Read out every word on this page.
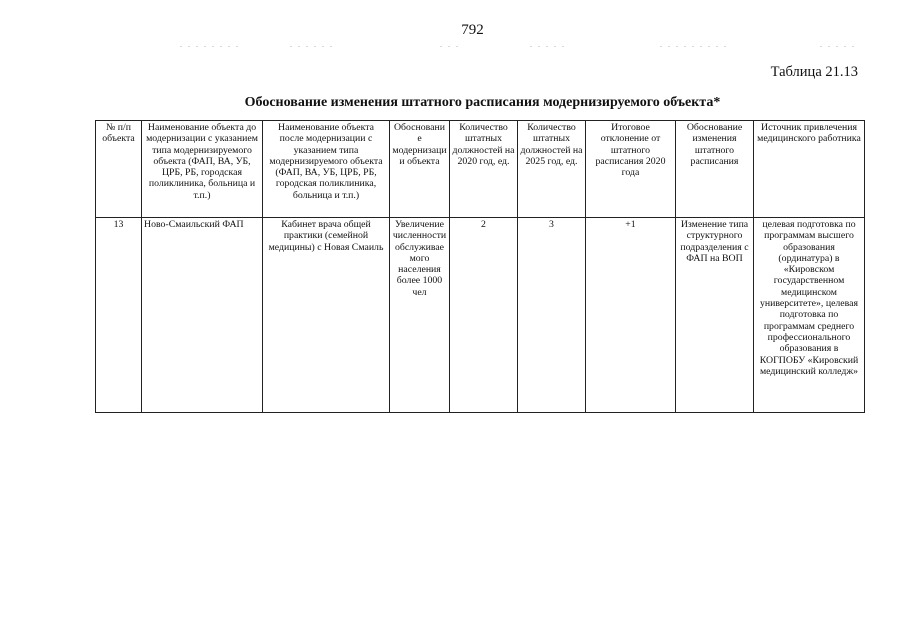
. . . . . . . .	. . . . . .	. . .	. . . . .	. . . . . . . . .	. . . . .
792
Таблица 21.13
Обоснование изменения штатного расписания модернизируемого объекта*
№ п/п объекта	Наименование объекта до модернизации с указанием типа модернизируемого объекта (ФАП, ВА, УБ, ЦРБ, РБ, городская поликлиника, больница и т.п.)	Наименование объекта после модернизации с указанием типа модернизируемого объекта (ФАП, ВА, УБ, ЦРБ, РБ, городская поликлиника, больница и т.п.)	Обоснование модернизации объекта	Количество штатных должностей на 2020 год, ед.	Количество штатных должностей на 2025 год, ед.	Итоговое отклонение от штатного расписания 2020 года	Обоснование изменения штатного расписания	Источник привлечения медицинского работника
13	Ново-Смаильский ФАП	Кабинет врача общей практики (семейной медицины) с Новая Смаиль	Увеличение численности обслуживаемого населения более 1000 чел	2	3	+1	Изменение типа структурного подразделения с ФАП на ВОП	целевая подготовка по программам высшего образования (ординатура) в «Кировском государственном медицинском университете», целевая подготовка по программам среднего профессионального образования в КОГПОБУ «Кировский медицинский колледж»
